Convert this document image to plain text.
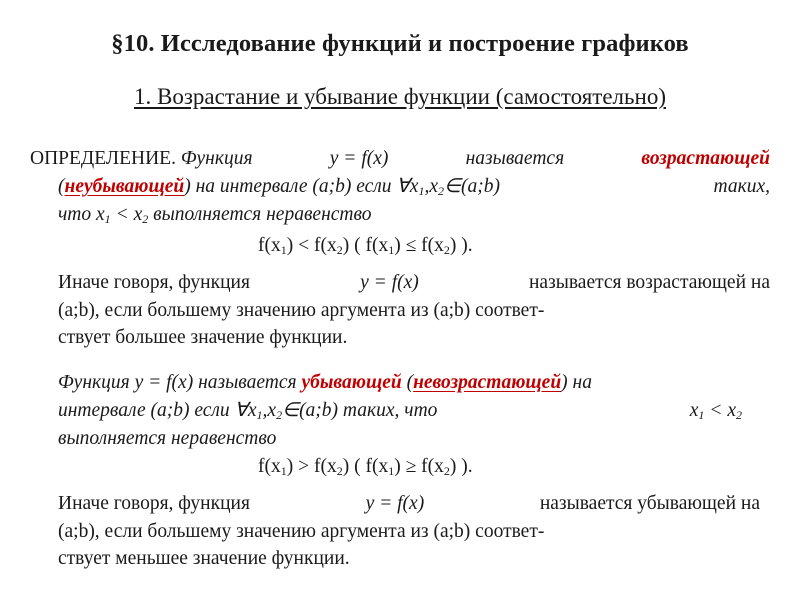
§10. Исследование функций и построение графиков
1. Возрастание и убывание функции (самостоятельно)
ОПРЕДЕЛЕНИЕ. Функция	y = f(x)	называется	возрастающей
(неубывающей) на интервале (a;b) если $\forall x_1,x_2\in(a;b)$	таких,
что $x_1 < x_2$ выполняется неравенство
$f(x_1) < f(x_2)$ ( $f(x_1) \le f(x_2)$ ).
Иначе говоря, функция	y = f(x)	называется возрастающей на
(a;b), если большему значению аргумента из (a;b) соответ-
ствует большее значение функции.
Функция y = f(x) называется убывающей (невозрастающей) на
интервале (a;b) если $\forall x_1,x_2\in(a;b)$ таких, что	$x_1 < x_2$
выполняется неравенство
$f(x_1) > f(x_2)$ ( $f(x_1) \ge f(x_2)$ ).
Иначе говоря, функция	y = f(x)	называется убывающей на
(a;b), если большему значению аргумента из (a;b) соответ-
ствует меньшее значение функции.
